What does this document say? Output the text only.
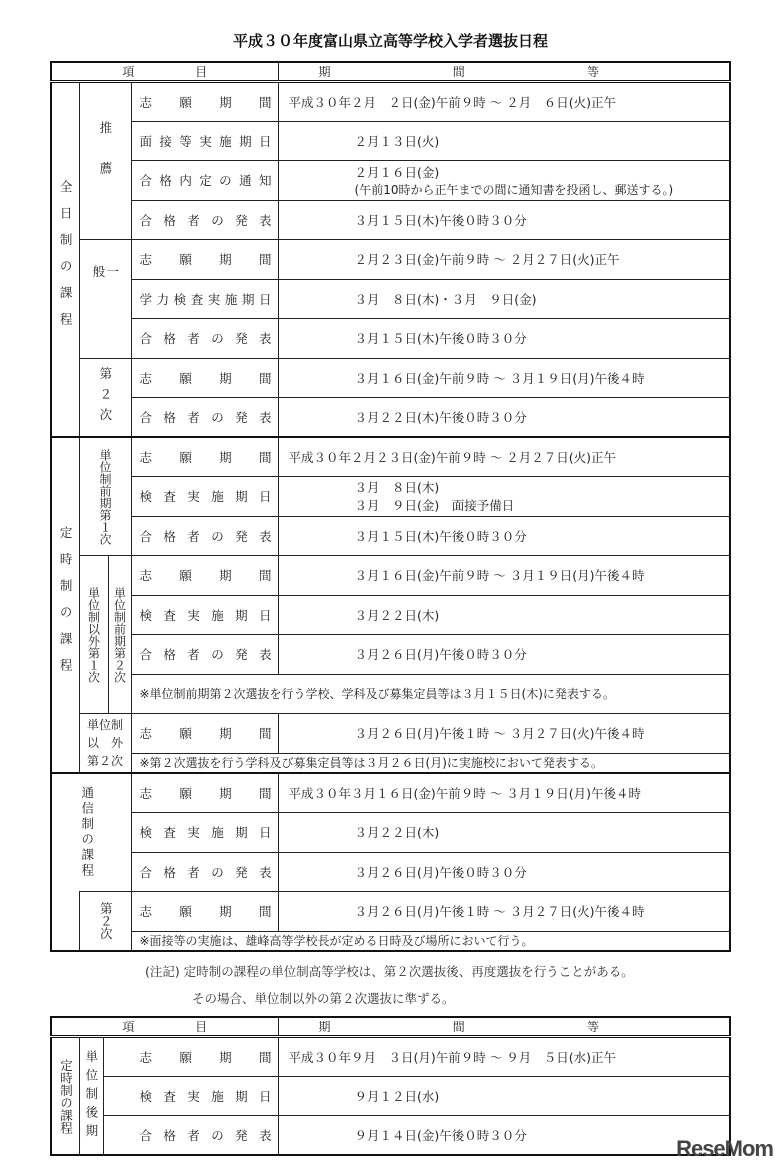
平成３０年度富山県立高等学校入学者選抜日程
項 目				期 間 等

全日制の課程	推薦		志願期間	平成３０年２月　２日(金)午前９時 ～ ２月　６日(火)正午
			面接等実施期日	２月１３日(火)
			合格内定の通知	２月１６日(金)
(午前10時から正午までの間に通知書を投函し、郵送する。)

			合格者の発表	３月１５日(木)午後０時３０分

	一般		志願期間	２月２３日(金)午前９時 ～ ２月２７日(火)正午
			学力検査実施期日	３月　８日(木)・３月　９日(金)
			合格者の発表	３月１５日(木)午後０時３０分

	第２次		志願期間	３月１６日(金)午前９時 ～ ３月１９日(月)午後４時
			合格者の発表	３月２２日(木)午後０時３０分

定時制の課程	単位制前期第１次		志願期間	平成３０年２月２３日(金)午前９時 ～ ２月２７日(火)正午
			検査実施期日	３月　８日(木)
３月　９日(金)　面接予備日

			合格者の発表	３月１５日(木)午後０時３０分

	単位制以外第１次	単位制前期第２次	志願期間	３月１６日(金)午前９時 ～ ３月１９日(月)午後４時
			検査実施期日	３月２２日(木)
			合格者の発表	３月２６日(月)午後０時３０分
			※単位制前期第２次選抜を行う学校、学科及び募集定員等は３月１５日(木)に発表する。	

	単位制
以　外
第２次		志願期間	３月２６日(月)午後１時 ～ ３月２７日(火)午後４時
			※第２次選抜を行う学科及び募集定員等は３月２６日(月)に実施校において発表する。	

通信制の課程			志願期間	平成３０年３月１６日(金)午前９時 ～ ３月１９日(月)午後４時
			検査実施期日	３月２２日(木)
			合格者の発表	３月２６日(月)午後０時３０分

	第２次		志願期間	３月２６日(月)午後１時 ～ ３月２７日(火)午後４時
			※面接等の実施は、雄峰高等学校長が定める日時及び場所において行う。	
(注記) 定時制の課程の単位制高等学校は、第２次選抜後、再度選抜を行うことがある。
その場合、単位制以外の第２次選抜に準ずる。
項 目			期 間 等

定時制の課程	単位制後期	志願期間	平成３０年９月　３日(月)午前９時 ～ ９月　５日(水)正午
		検査実施期日	９月１２日(水)
		合格者の発表	９月１４日(金)午後０時３０分
ReseMom
